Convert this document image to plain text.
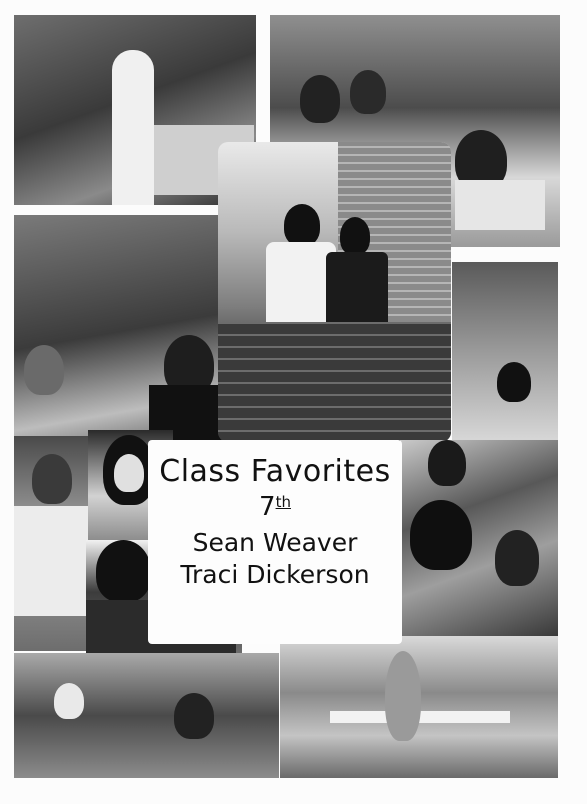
Class Favorites
7th
Sean Weaver
Traci Dickerson
